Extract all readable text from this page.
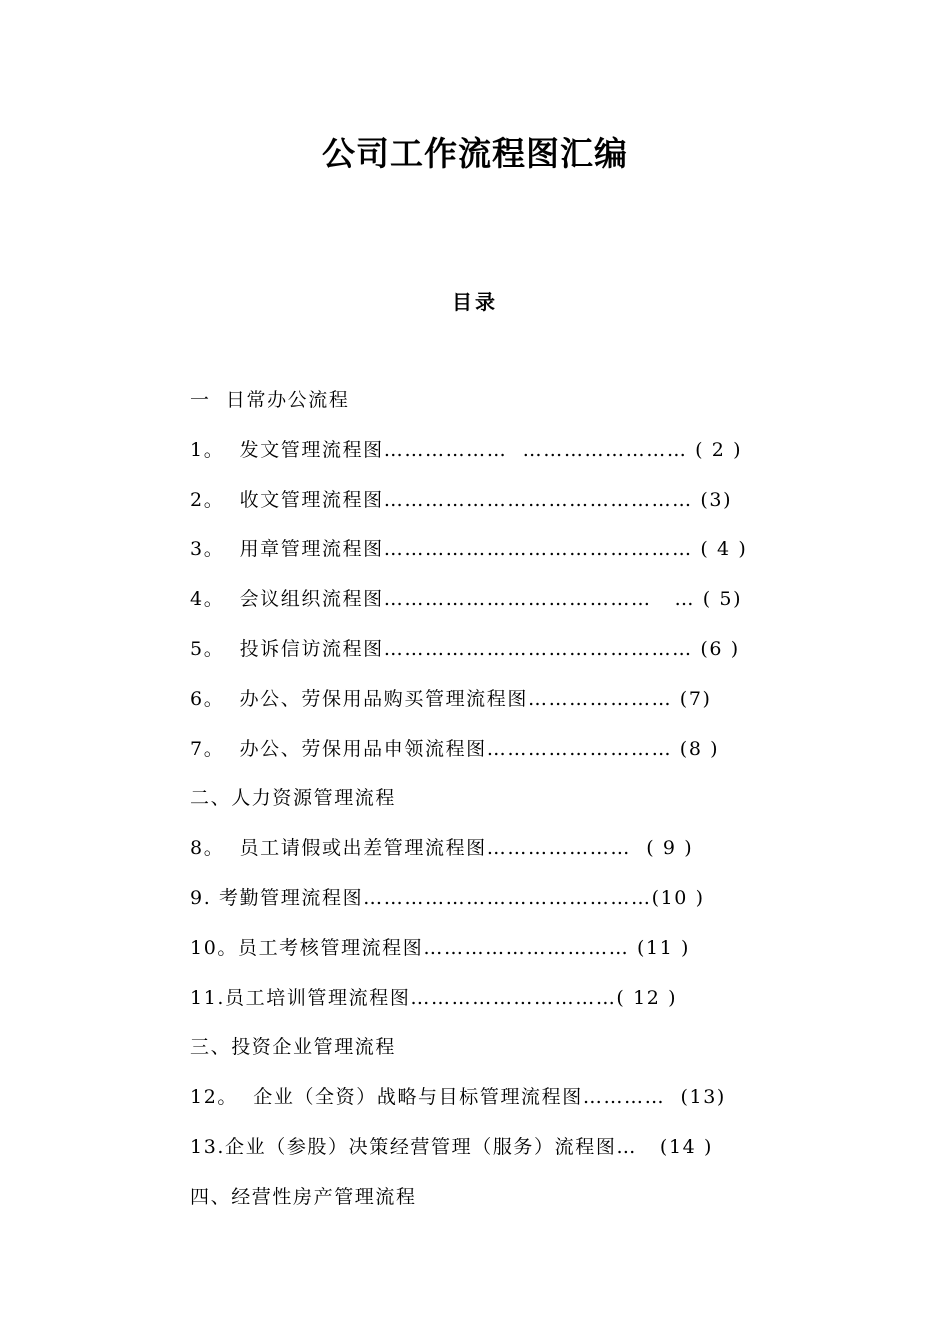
公司工作流程图汇编
目录
一  日常办公流程
1。  发文管理流程图………………  …………………… ( 2 )
2。  收文管理流程图……………………………………… (3)
3。  用章管理流程图……………………………………… ( 4 )
4。  会议组织流程图…………………………………   … ( 5)
5。  投诉信访流程图……………………………………… (6 )
6。  办公、劳保用品购买管理流程图………………… (7)
7。  办公、劳保用品申领流程图……………………… (8 )
二、人力资源管理流程
8。  员工请假或出差管理流程图…………………  ( 9 )
9. 考勤管理流程图……………………………………(10 )
10。员工考核管理流程图………………………… (11 )
11.员工培训管理流程图…………………………( 12 )
三、投资企业管理流程
12。  企业（全资）战略与目标管理流程图…………  (13)
13.企业（参股）决策经营管理（服务）流程图…   (14 )
四、经营性房产管理流程
